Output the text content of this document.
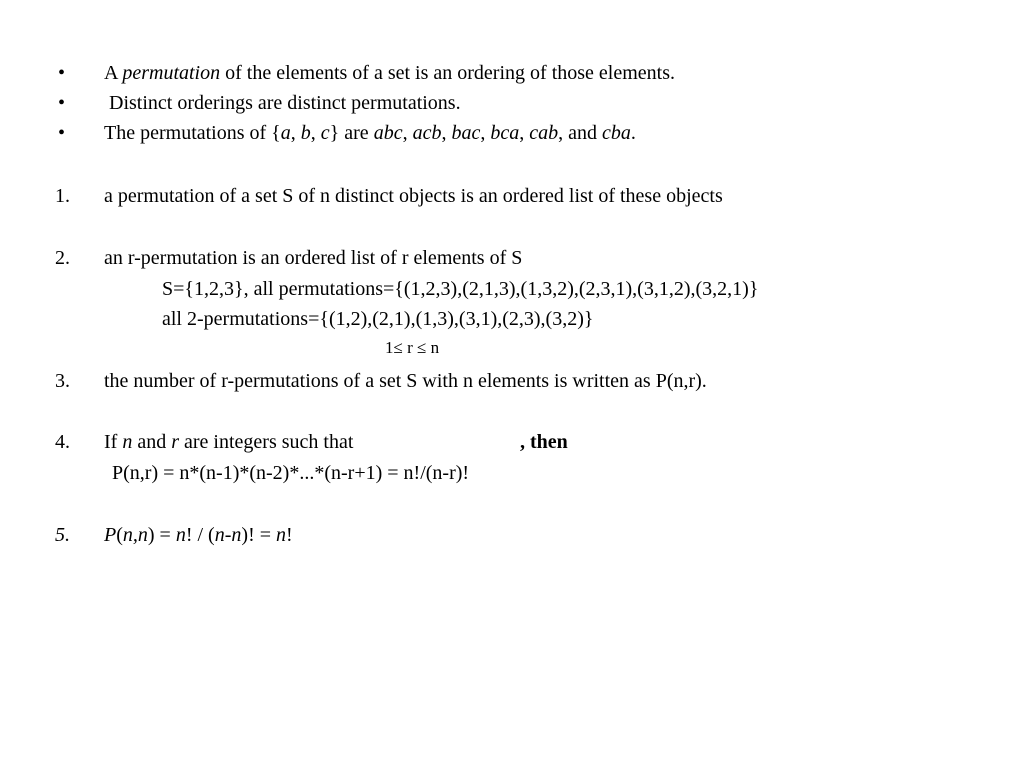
• A permutation of the elements of a set is an ordering of those elements.
• Distinct orderings are distinct permutations.
• The permutations of {a, b, c} are abc, acb, bac, bca, cab, and cba.
1. a permutation of a set S of n distinct objects is an ordered list of these objects
2. an r-permutation is an ordered list of r elements of S
S={1,2,3}, all permutations={(1,2,3),(2,1,3),(1,3,2),(2,3,1),(3,1,2),(3,2,1)}
all 2-permutations={(1,2),(2,1),(1,3),(3,1),(2,3),(3,2)}
1≤ r ≤ n
3. the number of r-permutations of a set S with n elements is written as P(n,r).
4. If n and r are integers such that	, then
P(n,r) = n*(n-1)*(n-2)*...*(n-r+1) = n!/(n-r)!
5. P(n,n) = n! / (n-n)! = n!
